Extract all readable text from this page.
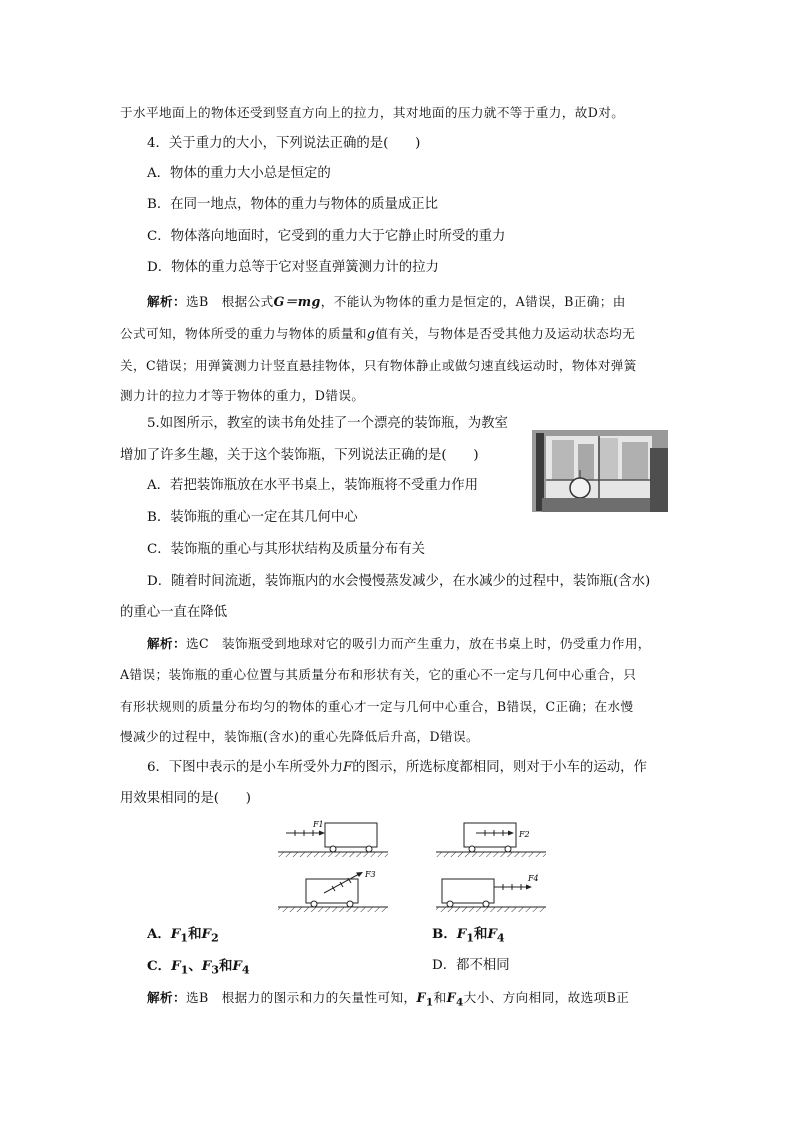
于水平地面上的物体还受到竖直方向上的拉力，其对地面的压力就不等于重力，故D对。
4．关于重力的大小，下列说法正确的是(　　)
A．物体的重力大小总是恒定的
B．在同一地点，物体的重力与物体的质量成正比
C．物体落向地面时，它受到的重力大于它静止时所受的重力
D．物体的重力总等于它对竖直弹簧测力计的拉力
解析：选B　根据公式G＝mg，不能认为物体的重力是恒定的，A错误，B正确；由
公式可知，物体所受的重力与物体的质量和g值有关，与物体是否受其他力及运动状态均无
关，C错误；用弹簧测力计竖直悬挂物体，只有物体静止或做匀速直线运动时，物体对弹簧
测力计的拉力才等于物体的重力，D错误。
5.如图所示，教室的读书角处挂了一个漂亮的装饰瓶，为教室
增加了许多生趣，关于这个装饰瓶，下列说法正确的是(　　)
A．若把装饰瓶放在水平书桌上，装饰瓶将不受重力作用
B．装饰瓶的重心一定在其几何中心
C．装饰瓶的重心与其形状结构及质量分布有关
D．随着时间流逝，装饰瓶内的水会慢慢蒸发减少，在水减少的过程中，装饰瓶(含水)
的重心一直在降低
解析：选C　装饰瓶受到地球对它的吸引力而产生重力，放在书桌上时，仍受重力作用，
A错误；装饰瓶的重心位置与其质量分布和形状有关，它的重心不一定与几何中心重合，只
有形状规则的质量分布均匀的物体的重心才一定与几何中心重合，B错误，C正确；在水慢
慢减少的过程中，装饰瓶(含水)的重心先降低后升高，D错误。
6．下图中表示的是小车所受外力F的图示，所选标度都相同，则对于小车的运动，作
用效果相同的是(　　)
F1
F2
F3	F4
A．$F_1$和$F_2$	B．$F_1$和$F_4$
C．$F_1$、$F_3$和$F_4$	D．都不相同
解析：选B　根据力的图示和力的矢量性可知，$F_1$和$F_4$大小、方向相同，故选项B正
